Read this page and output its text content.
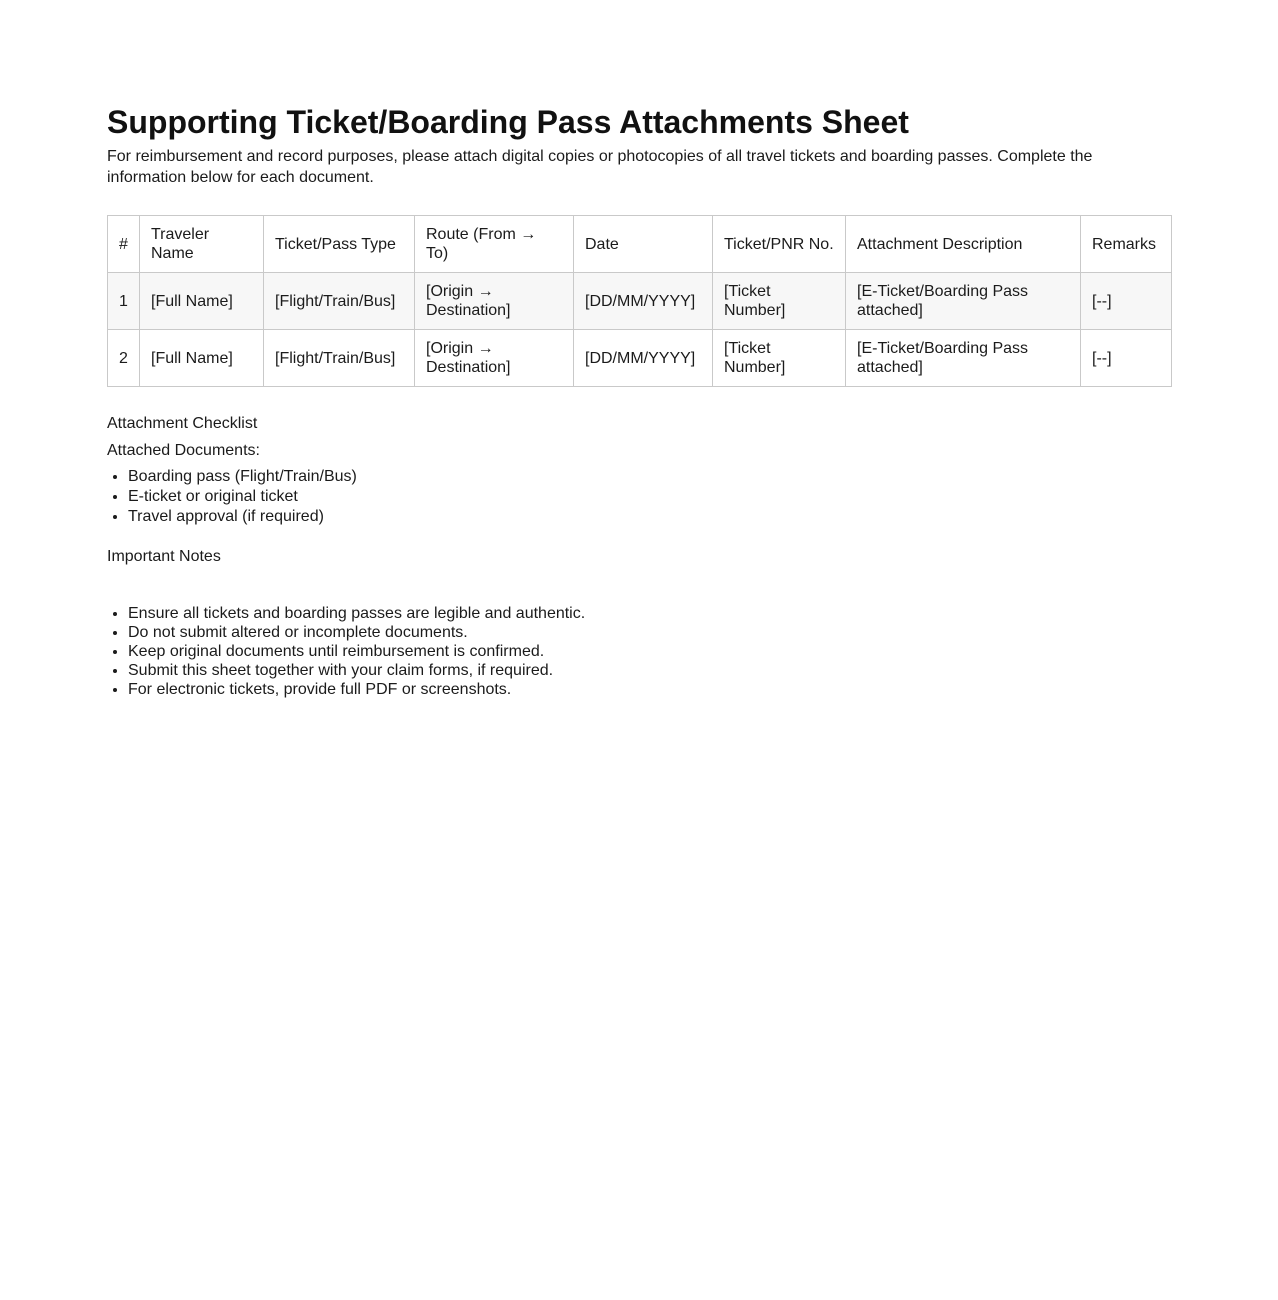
Supporting Ticket/Boarding Pass Attachments Sheet

For reimbursement and record purposes, please attach digital copies or photocopies of all travel tickets and boarding passes. Complete the information below for each document.

#	Traveler Name	Ticket/Pass Type	Route (From → To)	Date	Ticket/PNR No.	Attachment Description	Remarks
1	[Full Name]	[Flight/Train/Bus]	[Origin → Destination]	[DD/MM/YYYY]	[Ticket Number]	[E-Ticket/Boarding Pass attached]	[--]
2	[Full Name]	[Flight/Train/Bus]	[Origin → Destination]	[DD/MM/YYYY]	[Ticket Number]	[E-Ticket/Boarding Pass attached]	[--]

Attachment Checklist

Attached Documents:

• Boarding pass (Flight/Train/Bus)
• E-ticket or original ticket
• Travel approval (if required)

Important Notes

• Ensure all tickets and boarding passes are legible and authentic.
• Do not submit altered or incomplete documents.
• Keep original documents until reimbursement is confirmed.
• Submit this sheet together with your claim forms, if required.
• For electronic tickets, provide full PDF or screenshots.
